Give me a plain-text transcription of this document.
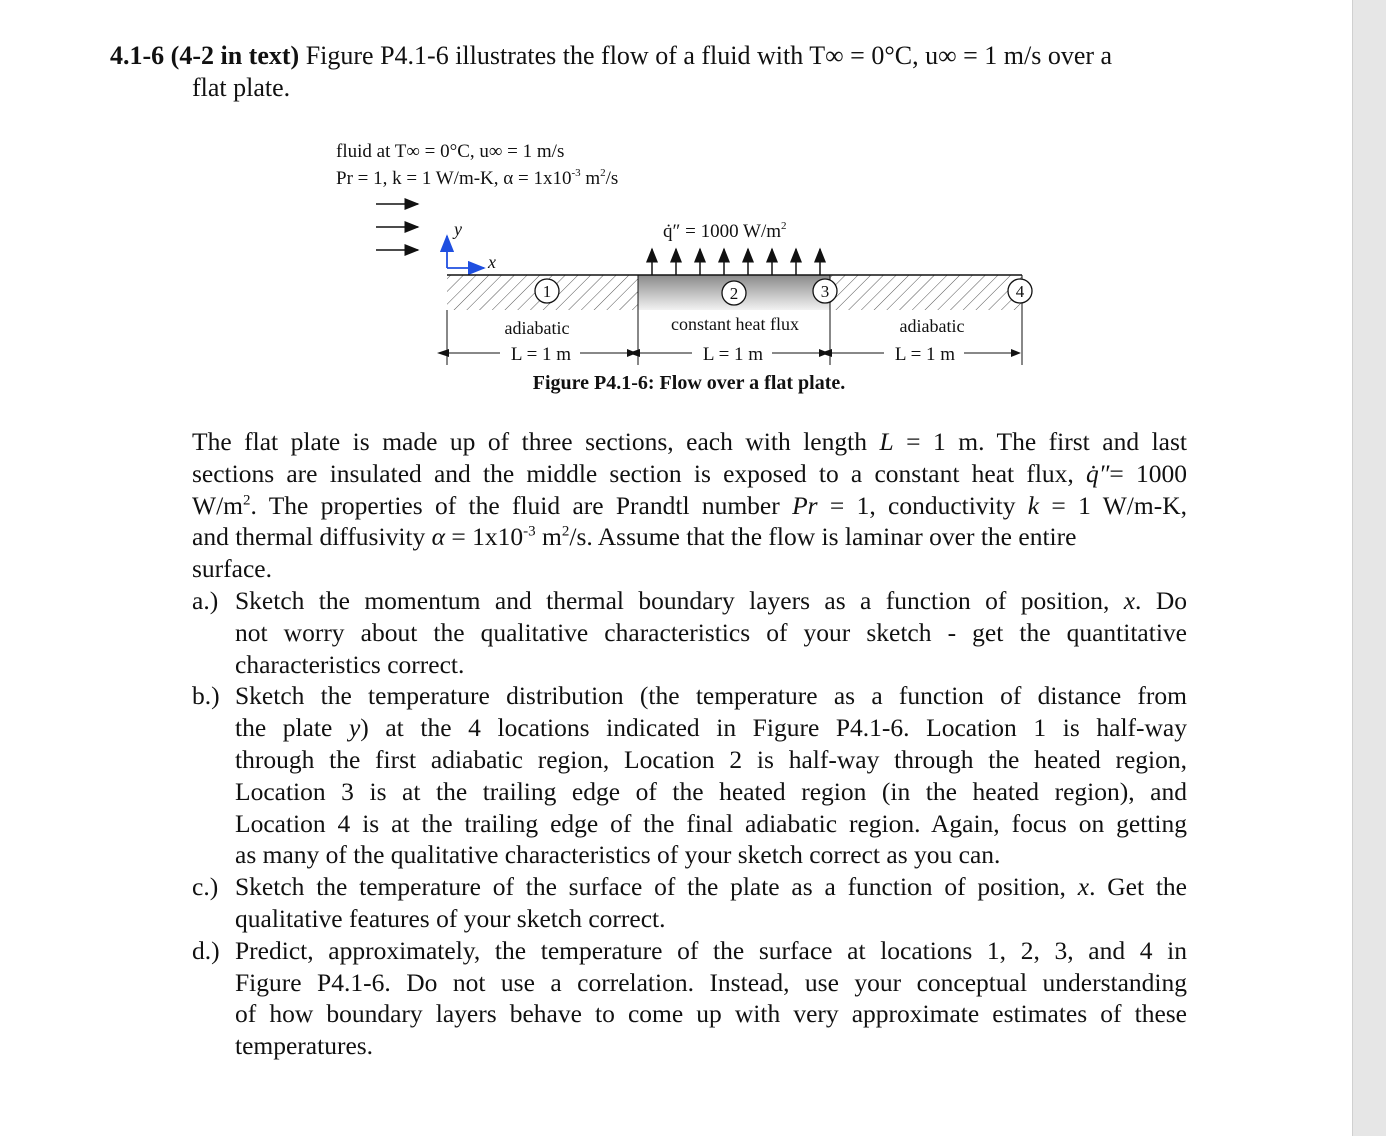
4.1-6 (4-2 in text) Figure P4.1-6 illustrates the flow of a fluid with T∞ = 0°C, u∞ = 1 m/s over a
flat plate.
fluid at T∞ = 0°C, u∞ = 1 m/s
Pr = 1, k = 1 W/m-K, $\alpha = 1x10^{-3}$ $m^2/s$
y
x
q̇″ = 1000 $W/m^2$
1	2	3	4
adiabatic	constant heat flux	adiabatic
L = 1 m	L = 1 m	L = 1 m
Figure P4.1-6: Flow over a flat plate.
The flat plate is made up of three sections, each with length L = 1 m. The first and last
sections are insulated and the middle section is exposed to a constant heat flux, q̇″= 1000
$W/m^2$. The properties of the fluid are Prandtl number Pr = 1, conductivity k = 1 W/m-K,
and thermal diffusivity $\alpha = 1x10^{-3}$ $m^2/s$. Assume that the flow is laminar over the entire
surface.
a.) Sketch the momentum and thermal boundary layers as a function of position, x. Do
not worry about the qualitative characteristics of your sketch - get the quantitative
characteristics correct.
b.) Sketch the temperature distribution (the temperature as a function of distance from
the plate y) at the 4 locations indicated in Figure P4.1-6. Location 1 is half-way
through the first adiabatic region, Location 2 is half-way through the heated region,
Location 3 is at the trailing edge of the heated region (in the heated region), and
Location 4 is at the trailing edge of the final adiabatic region. Again, focus on getting
as many of the qualitative characteristics of your sketch correct as you can.
c.) Sketch the temperature of the surface of the plate as a function of position, x. Get the
qualitative features of your sketch correct.
d.) Predict, approximately, the temperature of the surface at locations 1, 2, 3, and 4 in
Figure P4.1-6. Do not use a correlation. Instead, use your conceptual understanding
of how boundary layers behave to come up with very approximate estimates of these
temperatures.
